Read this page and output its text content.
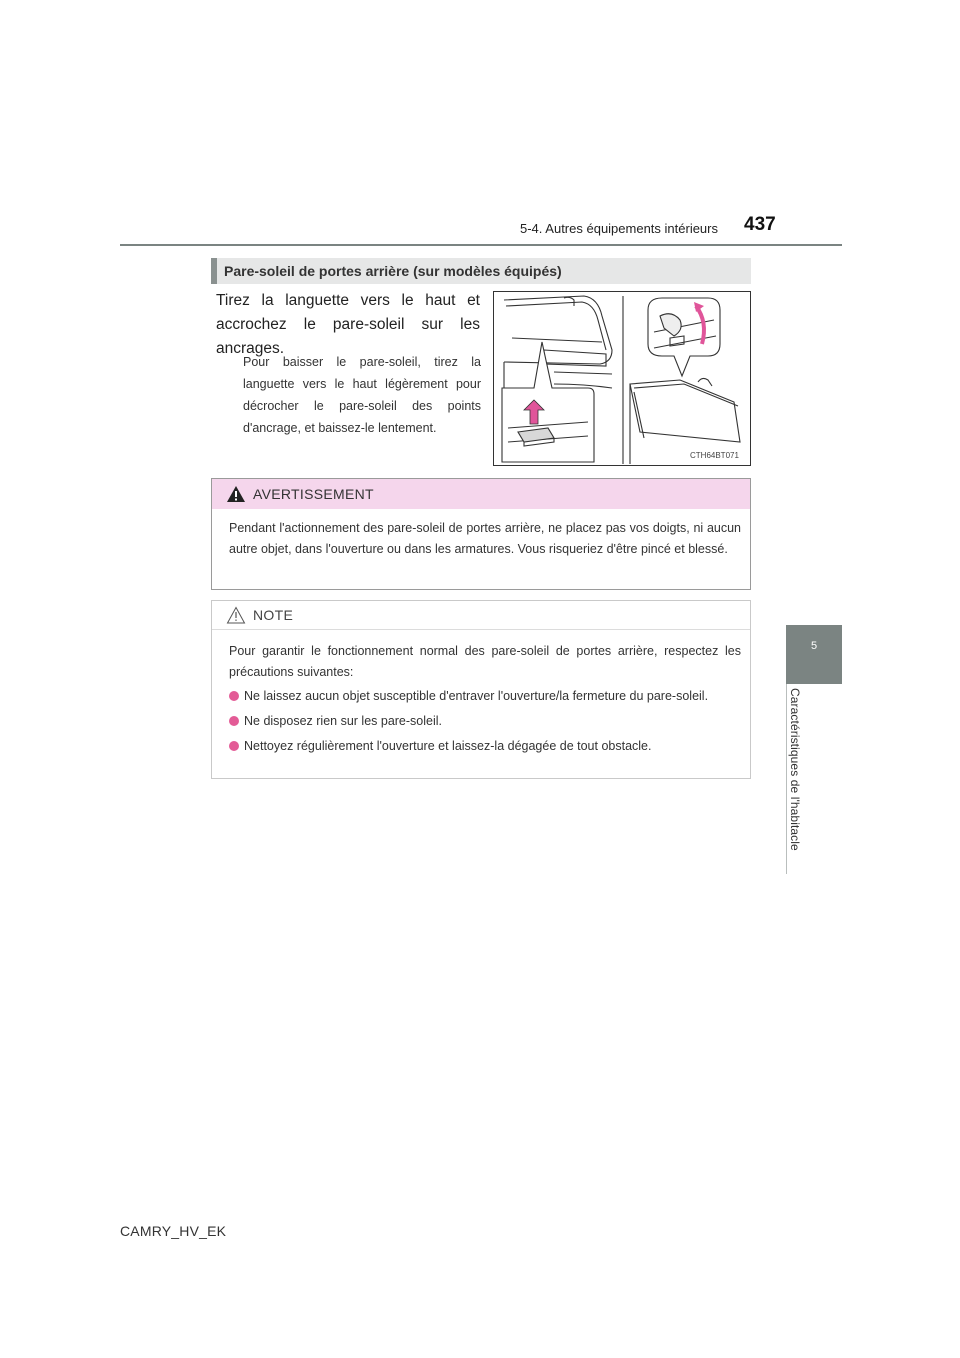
5-4. Autres équipements intérieurs 437
5
Caractéristiques de l'habitacle
Pare-soleil de portes arrière (sur modèles équipés)
Tirez la languette vers le haut et accrochez le pare-soleil sur les ancrages.
Pour baisser le pare-soleil, tirez la languette vers le haut légèrement pour décrocher le pare-soleil des points d'ancrage, et baissez-le lentement.
CTH64BT071
AVERTISSEMENT
Pendant l'actionnement des pare-soleil de portes arrière, ne placez pas vos doigts, ni aucun autre objet, dans l'ouverture ou dans les armatures. Vous risqueriez d'être pincé et blessé.
NOTE
Pour garantir le fonctionnement normal des pare-soleil de portes arrière, respectez les précautions suivantes:
Ne laissez aucun objet susceptible d'entraver l'ouverture/la fermeture du pare-soleil.
Ne disposez rien sur les pare-soleil.
Nettoyez régulièrement l'ouverture et laissez-la dégagée de tout obstacle.
CAMRY_HV_EK
